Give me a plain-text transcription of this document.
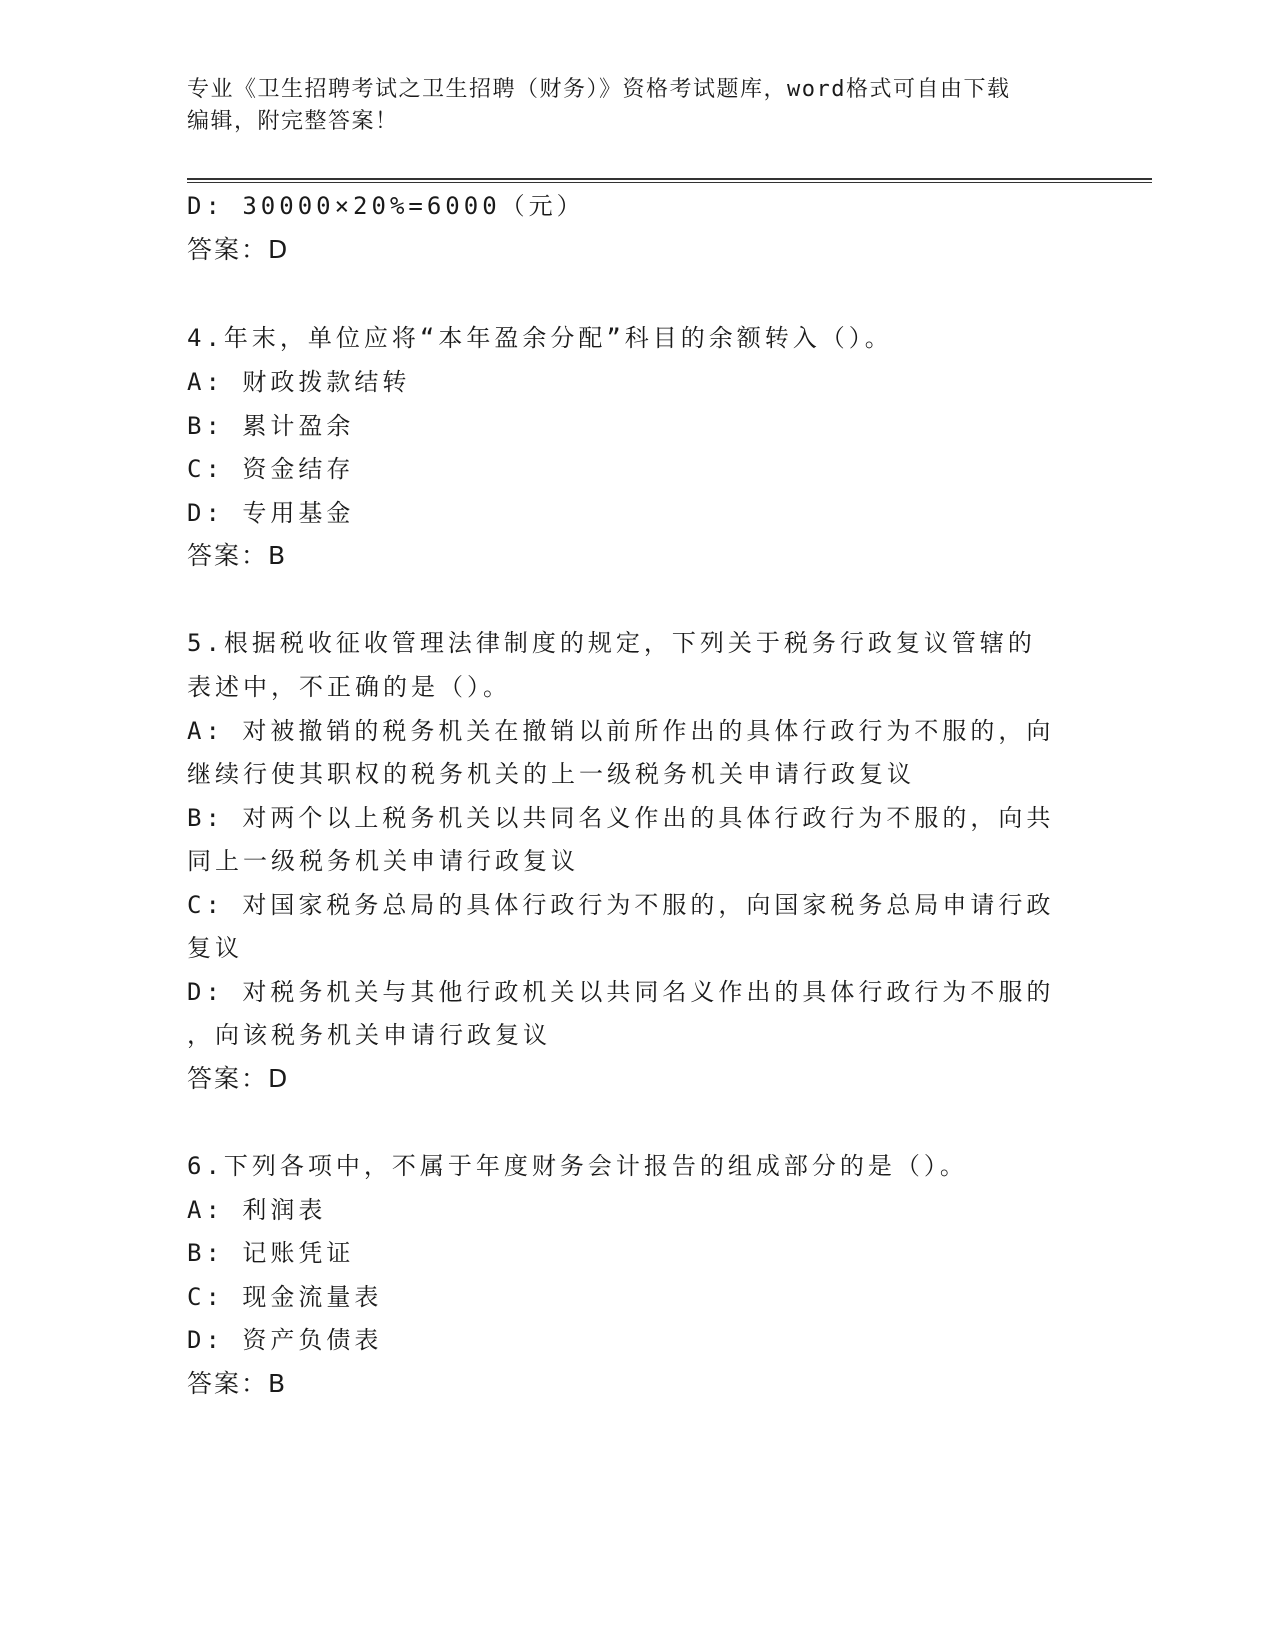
专业《卫生招聘考试之卫生招聘（财务）》资格考试题库，word格式可自由下载
编辑，附完整答案！
D: 30000×20%=6000（元）
答案：D
4.年末，单位应将“本年盈余分配”科目的余额转入（）。
A: 财政拨款结转
B: 累计盈余
C: 资金结存
D: 专用基金
答案：B
5.根据税收征收管理法律制度的规定，下列关于税务行政复议管辖的
表述中，不正确的是（）。
A: 对被撤销的税务机关在撤销以前所作出的具体行政行为不服的，向
继续行使其职权的税务机关的上一级税务机关申请行政复议
B: 对两个以上税务机关以共同名义作出的具体行政行为不服的，向共
同上一级税务机关申请行政复议
C: 对国家税务总局的具体行政行为不服的，向国家税务总局申请行政
复议
D: 对税务机关与其他行政机关以共同名义作出的具体行政行为不服的
，向该税务机关申请行政复议
答案：D
6.下列各项中，不属于年度财务会计报告的组成部分的是（）。
A: 利润表
B: 记账凭证
C: 现金流量表
D: 资产负债表
答案：B
